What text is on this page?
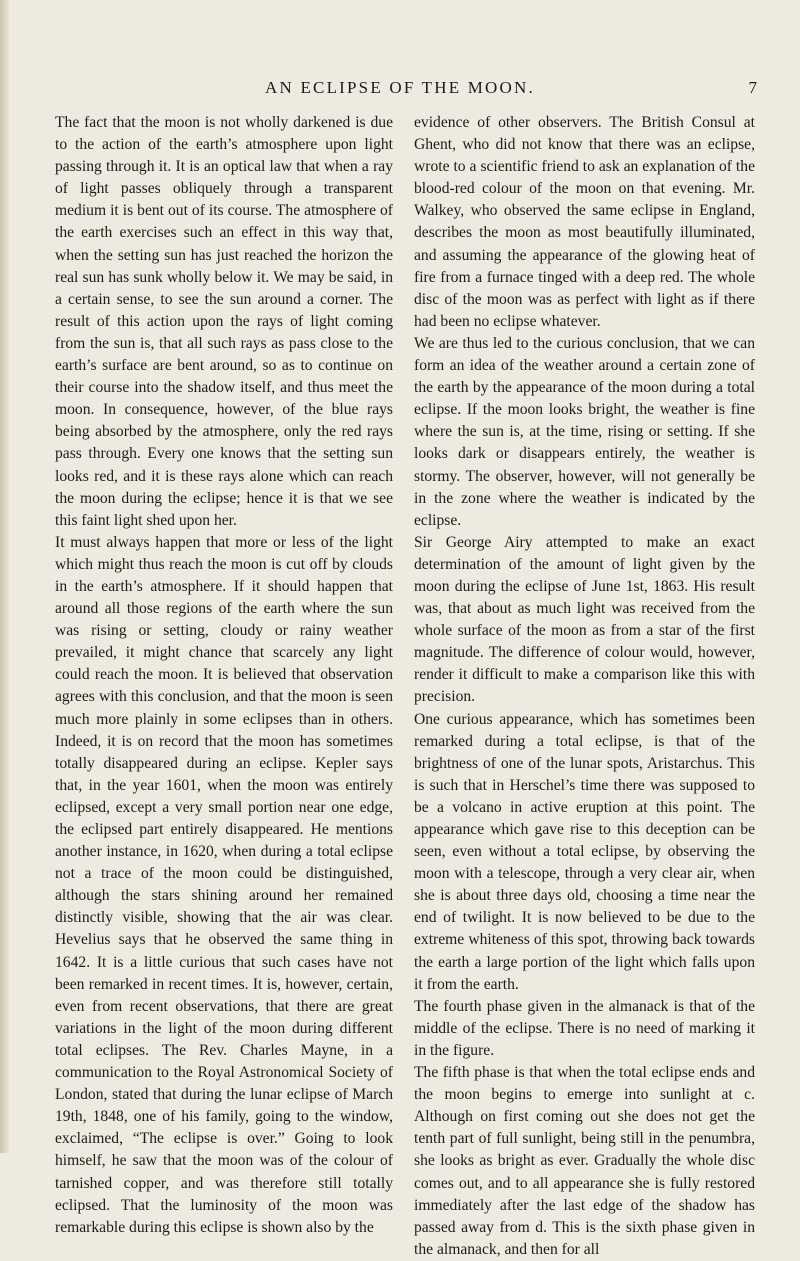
AN ECLIPSE OF THE MOON.	7

The fact that the moon is not wholly darkened is due to the action of the earth’s atmosphere upon light passing through it. It is an optical law that when a ray of light passes obliquely through a transparent medium it is bent out of its course. The atmosphere of the earth exercises such an effect in this way that, when the setting sun has just reached the horizon the real sun has sunk wholly below it. We may be said, in a certain sense, to see the sun around a corner. The result of this action upon the rays of light coming from the sun is, that all such rays as pass close to the earth’s surface are bent around, so as to continue on their course into the shadow itself, and thus meet the moon. In consequence, however, of the blue rays being absorbed by the atmosphere, only the red rays pass through. Every one knows that the setting sun looks red, and it is these rays alone which can reach the moon during the eclipse; hence it is that we see this faint light shed upon her.

It must always happen that more or less of the light which might thus reach the moon is cut off by clouds in the earth’s atmosphere. If it should happen that around all those regions of the earth where the sun was rising or setting, cloudy or rainy weather prevailed, it might chance that scarcely any light could reach the moon. It is believed that observation agrees with this conclusion, and that the moon is seen much more plainly in some eclipses than in others. Indeed, it is on record that the moon has sometimes totally disappeared during an eclipse. Kepler says that, in the year 1601, when the moon was entirely eclipsed, except a very small portion near one edge, the eclipsed part entirely disappeared. He mentions another instance, in 1620, when during a total eclipse not a trace of the moon could be distinguished, although the stars shining around her remained distinctly visible, showing that the air was clear. Hevelius says that he observed the same thing in 1642. It is a little curious that such cases have not been remarked in recent times. It is, however, certain, even from recent observations, that there are great variations in the light of the moon during different total eclipses. The Rev. Charles Mayne, in a communication to the Royal Astronomical Society of London, stated that during the lunar eclipse of March 19th, 1848, one of his family, going to the window, exclaimed, “The eclipse is over.” Going to look himself, he saw that the moon was of the colour of tarnished copper, and was therefore still totally eclipsed. That the luminosity of the moon was remarkable during this eclipse is shown also by the

evidence of other observers. The British Consul at Ghent, who did not know that there was an eclipse, wrote to a scientific friend to ask an explanation of the blood-red colour of the moon on that evening. Mr. Walkey, who observed the same eclipse in England, describes the moon as most beautifully illuminated, and assuming the appearance of the glowing heat of fire from a furnace tinged with a deep red. The whole disc of the moon was as perfect with light as if there had been no eclipse whatever.

We are thus led to the curious conclusion, that we can form an idea of the weather around a certain zone of the earth by the appearance of the moon during a total eclipse. If the moon looks bright, the weather is fine where the sun is, at the time, rising or setting. If she looks dark or disappears entirely, the weather is stormy. The observer, however, will not generally be in the zone where the weather is indicated by the eclipse.

Sir George Airy attempted to make an exact determination of the amount of light given by the moon during the eclipse of June 1st, 1863. His result was, that about as much light was received from the whole surface of the moon as from a star of the first magnitude. The difference of colour would, however, render it difficult to make a comparison like this with precision.

One curious appearance, which has sometimes been remarked during a total eclipse, is that of the brightness of one of the lunar spots, Aristarchus. This is such that in Herschel’s time there was supposed to be a volcano in active eruption at this point. The appearance which gave rise to this deception can be seen, even without a total eclipse, by observing the moon with a telescope, through a very clear air, when she is about three days old, choosing a time near the end of twilight. It is now believed to be due to the extreme whiteness of this spot, throwing back towards the earth a large portion of the light which falls upon it from the earth.

The fourth phase given in the almanack is that of the middle of the eclipse. There is no need of marking it in the figure.

The fifth phase is that when the total eclipse ends and the moon begins to emerge into sunlight at c. Although on first coming out she does not get the tenth part of full sunlight, being still in the penumbra, she looks as bright as ever. Gradually the whole disc comes out, and to all appearance she is fully restored immediately after the last edge of the shadow has passed away from d. This is the sixth phase given in the almanack, and then for all
